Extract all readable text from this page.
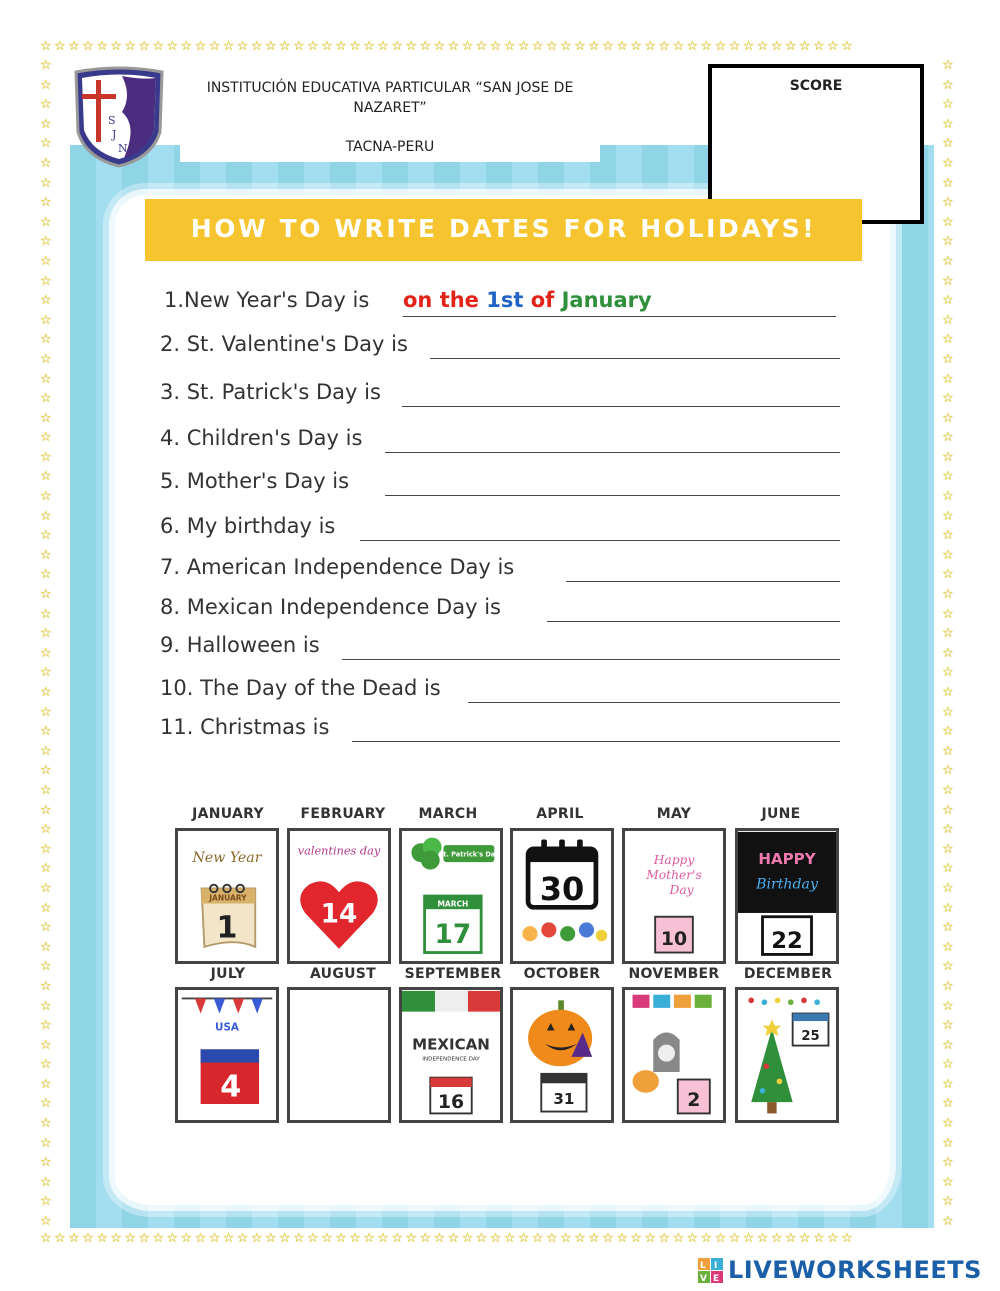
☆☆☆☆☆☆☆☆☆☆☆☆☆☆☆☆☆☆☆☆☆☆☆☆☆☆☆☆☆☆☆☆☆☆☆☆☆☆☆☆☆☆☆☆☆☆☆☆☆☆☆☆☆☆☆☆☆☆
☆☆☆☆☆☆☆☆☆☆☆☆☆☆☆☆☆☆☆☆☆☆☆☆☆☆☆☆☆☆☆☆☆☆☆☆☆☆☆☆☆☆☆☆☆☆☆☆☆☆☆☆☆☆☆☆☆☆
☆☆☆☆☆☆☆☆☆☆☆☆☆☆☆☆☆☆☆☆☆☆☆☆☆☆☆☆☆☆☆☆☆☆☆☆☆☆☆☆☆☆☆☆☆☆☆☆☆☆☆☆☆☆☆☆☆☆☆☆
☆☆☆☆☆☆☆☆☆☆☆☆☆☆☆☆☆☆☆☆☆☆☆☆☆☆☆☆☆☆☆☆☆☆☆☆☆☆☆☆☆☆☆☆☆☆☆☆☆☆☆☆☆☆☆☆☆☆☆☆
S
J
N
INSTITUCIÓN EDUCATIVA PARTICULAR “SAN JOSE DE
NAZARET”
TACNA-PERU
SCORE
HOW TO WRITE DATES FOR HOLIDAYS!
1.New Year's Day is on the 1st of January
2. St. Valentine's Day is
3. St. Patrick's Day is
4. Children's Day is
5. Mother's Day is
6. My birthday is
7. American Independence Day is
8. Mexican Independence Day is
9. Halloween is
10. The Day of the Dead is
11. Christmas is
JANUARY	FEBRUARY	MARCH	APRIL	MAY	JUNE
JULY	AUGUST	SEPTEMBER	OCTOBER	NOVEMBER	DECEMBER
New Year
JANUARY
1
valentines day
14
St. Patrick's Day
MARCH
17
30
Happy
Mother's
Day
10
HAPPY
Birthday
22
USA
4
MEXICAN
INDEPENDENCE DAY
16	31	2
25
L I
V E LIVEWORKSHEETS
